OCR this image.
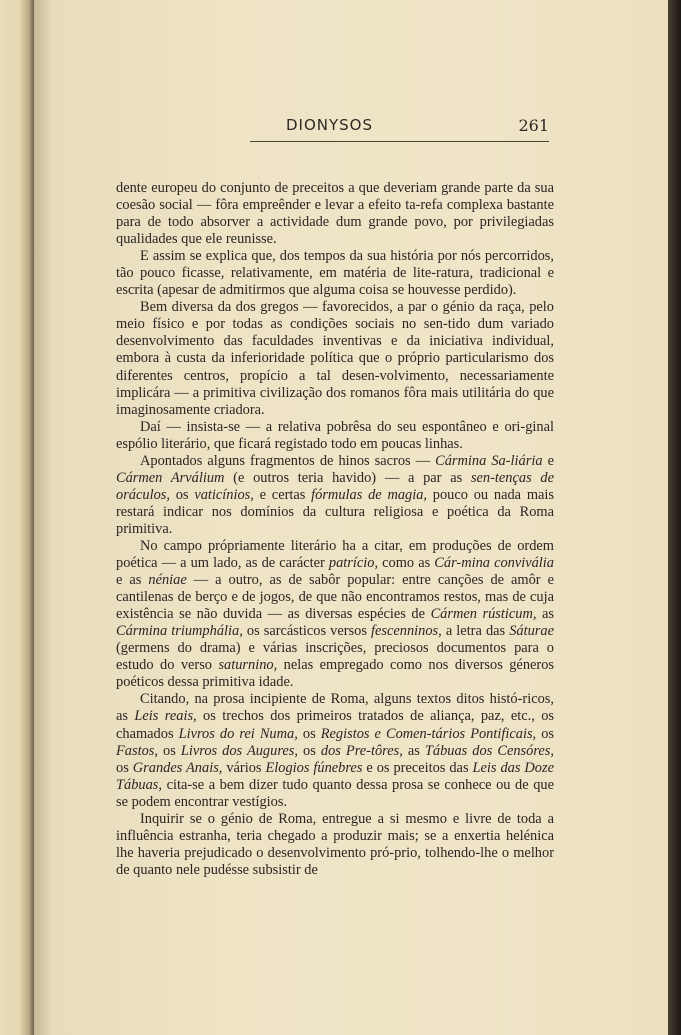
DIONYSOS	261

dente europeu do conjunto de preceitos a que deveriam grande parte da sua coesão social — fôra empreênder e levar a efeito ta-refa complexa bastante para de todo absorver a actividade dum grande povo, por privilegiadas qualidades que ele reunisse.

E assim se explica que, dos tempos da sua história por nós percorridos, tão pouco ficasse, relativamente, em matéria de lite-ratura, tradicional e escrita (apesar de admitirmos que alguma coisa se houvesse perdido).

Bem diversa da dos gregos — favorecidos, a par o génio da raça, pelo meio físico e por todas as condições sociais no sen-tido dum variado desenvolvimento das faculdades inventivas e da iniciativa individual, embora à custa da inferioridade política que o próprio particularismo dos diferentes centros, propício a tal desen-volvimento, necessariamente implicára — a primitiva civilização dos romanos fôra mais utilitária do que imaginosamente criadora.

Daí — insista-se — a relativa pobrêsa do seu espontâneo e ori-ginal espólio literário, que ficará registado todo em poucas linhas.

Apontados alguns fragmentos de hinos sacros — Cármina Sa-liária e Cármen Arválium (e outros teria havido) — a par as sen-tenças de oráculos, os vaticínios, e certas fórmulas de magia, pouco ou nada mais restará indicar nos domínios da cultura religiosa e poética da Roma primitiva.

No campo própriamente literário ha a citar, em produções de ordem poética — a um lado, as de carácter patrício, como as Cár-mina convivália e as néniae — a outro, as de sabôr popular: entre canções de amôr e cantilenas de berço e de jogos, de que não encontramos restos, mas de cuja existência se não duvida — as diversas espécies de Cármen rústicum, as Cármina triumphália, os sarcásticos versos fescenninos, a letra das Sáturae (germens do drama) e várias inscrições, preciosos documentos para o estudo do verso saturnino, nelas empregado como nos diversos géneros poéticos dessa primitiva idade.

Citando, na prosa incipiente de Roma, alguns textos ditos histó-ricos, as Leis reais, os trechos dos primeiros tratados de aliança, paz, etc., os chamados Livros do rei Numa, os Registos e Comen-tários Pontificais, os Fastos, os Livros dos Augures, os dos Pre-tôres, as Tábuas dos Censóres, os Grandes Anais, vários Elogios fúnebres e os preceitos das Leis das Doze Tábuas, cita-se a bem dizer tudo quanto dessa prosa se conhece ou de que se podem encontrar vestígios.

Inquirir se o génio de Roma, entregue a si mesmo e livre de toda a influência estranha, teria chegado a produzir mais; se a enxertia helénica lhe haveria prejudicado o desenvolvimento pró-prio, tolhendo-lhe o melhor de quanto nele pudésse subsistir de
